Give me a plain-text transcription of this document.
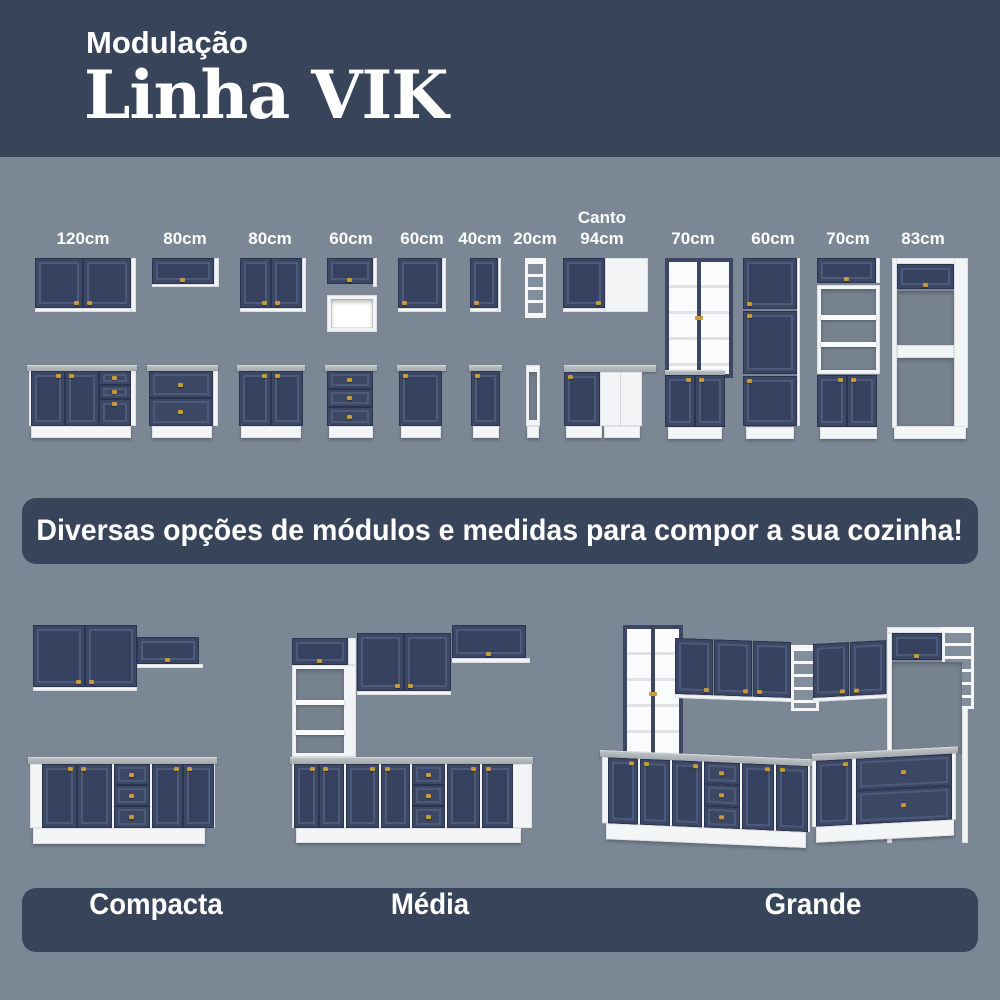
Modulação
Linha VIK
120cm	80cm 80cm 60cm 60cm 40cm 20cm
Canto
94cm	70cm 60cm 70cm 83cm
Diversas opções de módulos e medidas para compor a sua cozinha!
Compacta	Média	Grande
